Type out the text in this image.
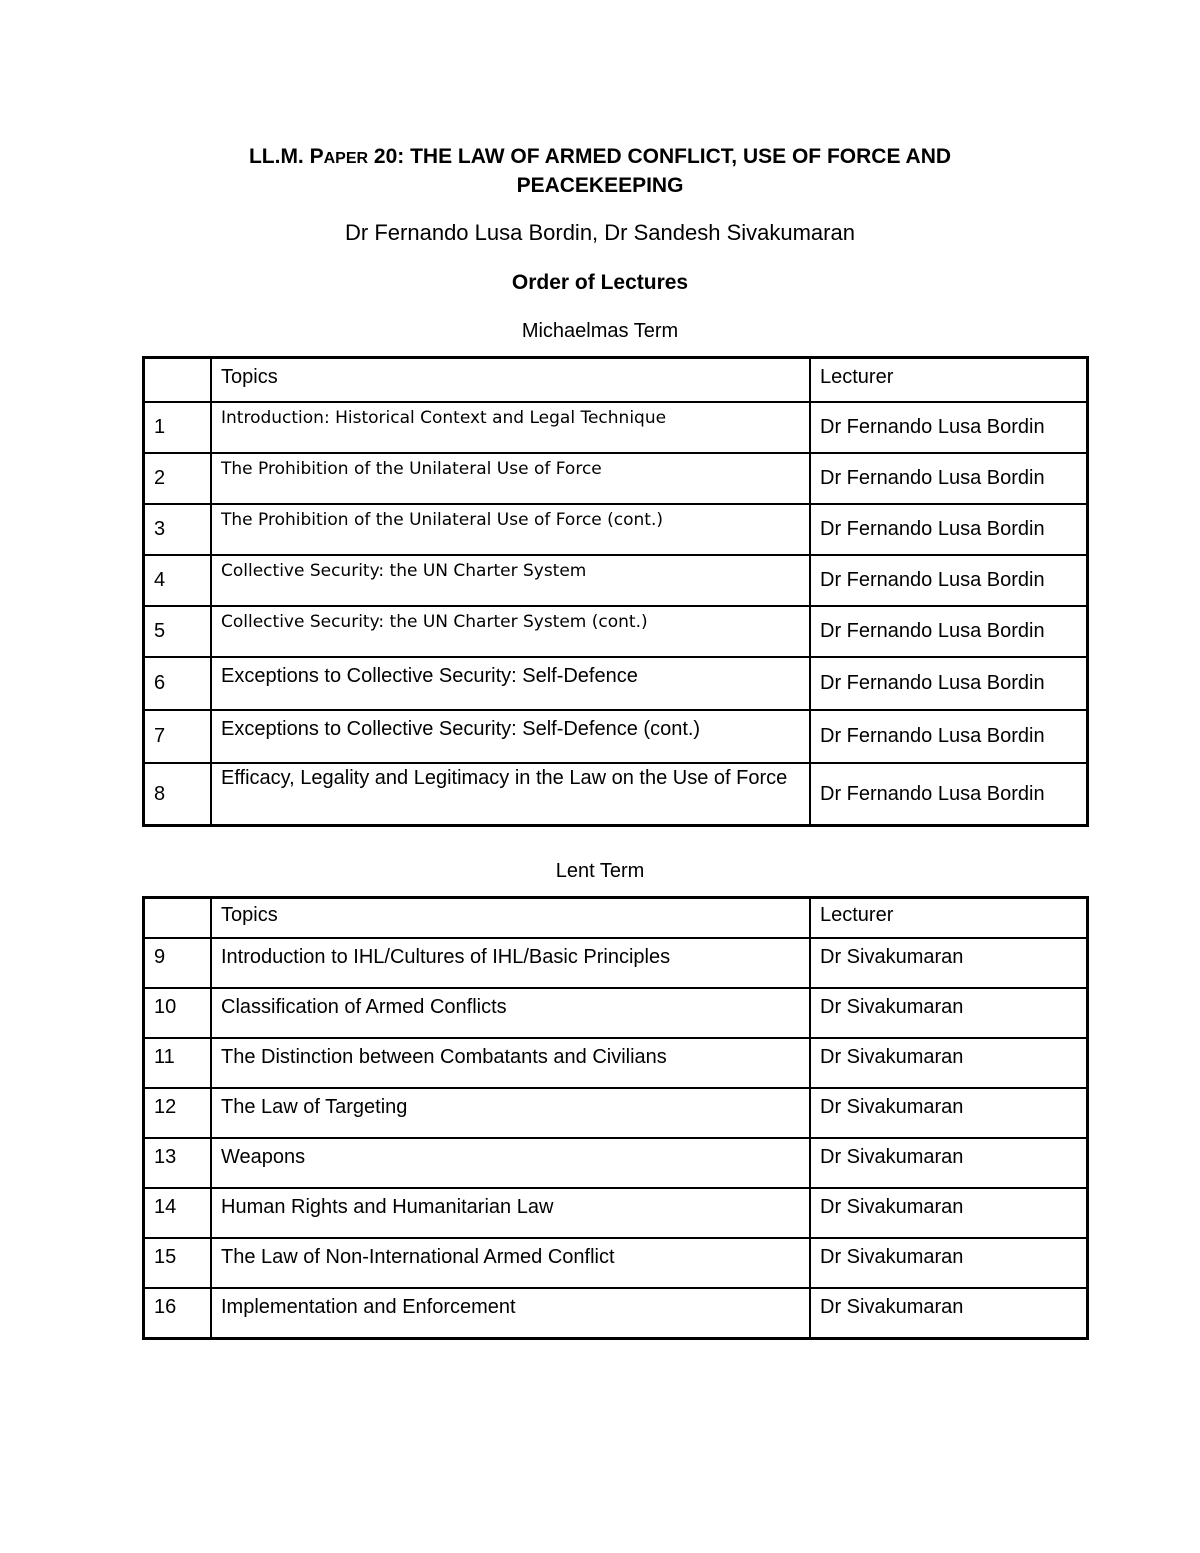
LL.M. PAPER 20: THE LAW OF ARMED CONFLICT, USE OF FORCE AND
PEACEKEEPING
Dr Fernando Lusa Bordin, Dr Sandesh Sivakumaran
Order of Lectures
Michaelmas Term
	Topics	Lecturer
1	Introduction: Historical Context and Legal Technique	Dr Fernando Lusa Bordin
2	The Prohibition of the Unilateral Use of Force	Dr Fernando Lusa Bordin
3	The Prohibition of the Unilateral Use of Force (cont.)	Dr Fernando Lusa Bordin
4	Collective Security: the UN Charter System	Dr Fernando Lusa Bordin
5	Collective Security: the UN Charter System (cont.)	Dr Fernando Lusa Bordin
6	Exceptions to Collective Security: Self-Defence	Dr Fernando Lusa Bordin
7	Exceptions to Collective Security: Self-Defence (cont.)	Dr Fernando Lusa Bordin
8	Efficacy, Legality and Legitimacy in the Law on the Use of Force	Dr Fernando Lusa Bordin
Lent Term
	Topics	Lecturer
9	Introduction to IHL/Cultures of IHL/Basic Principles	Dr Sivakumaran
10	Classification of Armed Conflicts	Dr Sivakumaran
11	The Distinction between Combatants and Civilians	Dr Sivakumaran
12	The Law of Targeting	Dr Sivakumaran
13	Weapons	Dr Sivakumaran
14	Human Rights and Humanitarian Law	Dr Sivakumaran
15	The Law of Non-International Armed Conflict	Dr Sivakumaran
16	Implementation and Enforcement	Dr Sivakumaran
